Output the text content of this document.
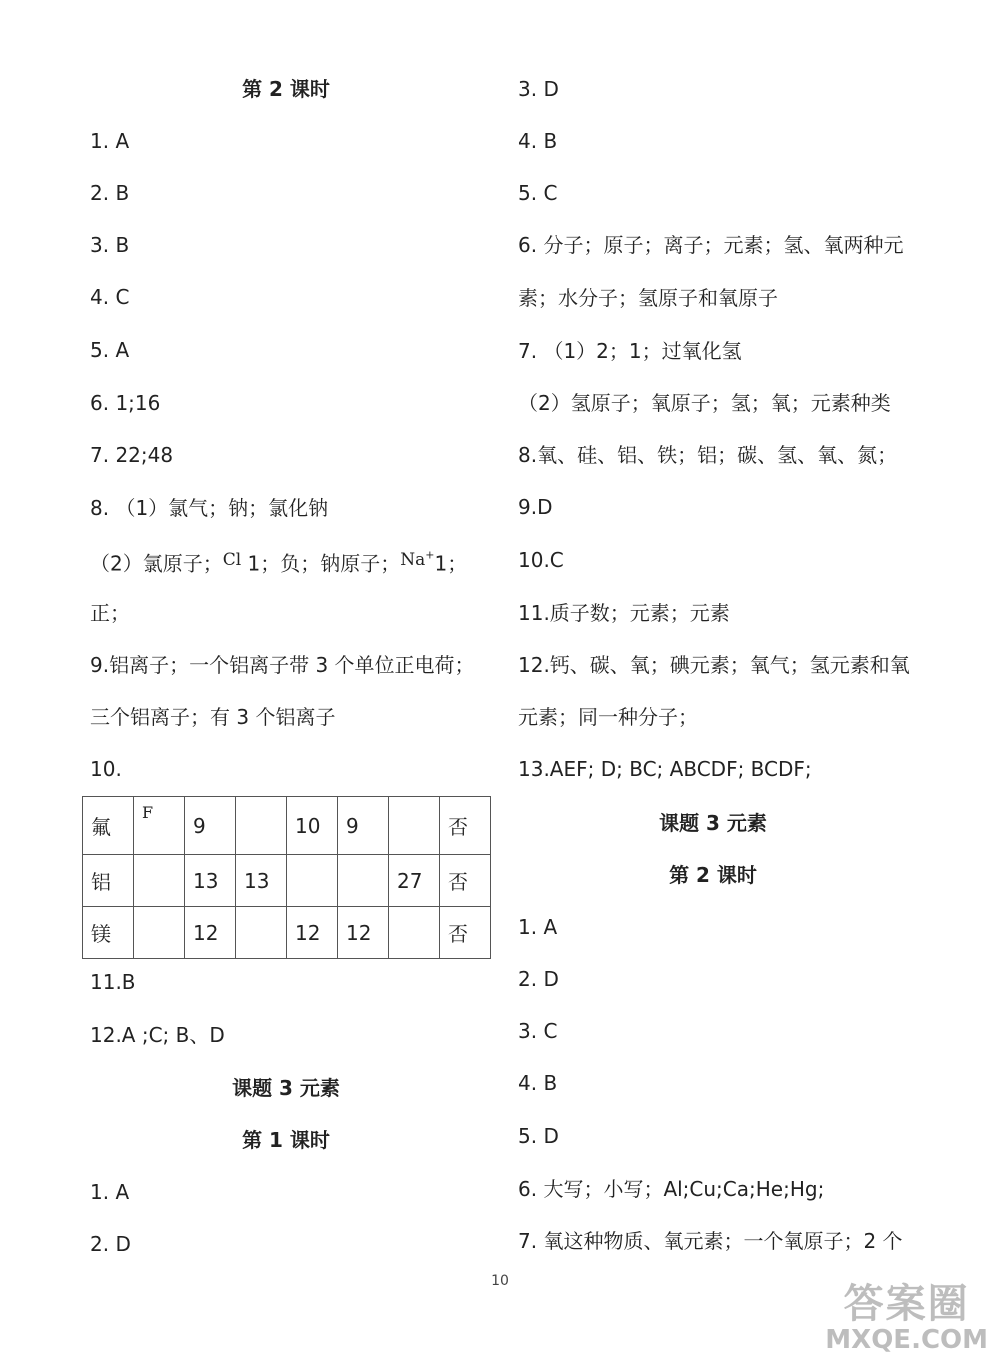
第 2 课时
1. A
2. B
3. B
4. C
5. A
6. 1;16
7. 22;48
8. （1）氯气；钠；氯化钠
（2）氯原子；$^{Cl}$ 1；负；钠原子；$^{Na^+}$1；
正；
9.铝离子；一个铝离子带 3 个单位正电荷；
三个铝离子；有 3 个铝离子
10.
11.B
12.A ;C; B、D
课题 3 元素
第 1 课时
1. A
2. D
氟	F	9		10	9		否
铝		13	13			27	否
镁		12		12	12		否
3. D
4. B
5. C
6. 分子；原子；离子；元素；氢、氧两种元
素；水分子；氢原子和氧原子
7. （1）2；1；过氧化氢
（2）氢原子；氧原子；氢；氧；元素种类
8.氧、硅、铝、铁；铝；碳、氢、氧、氮；
9.D
10.C
11.质子数；元素；元素
12.钙、碳、氧；碘元素；氧气；氢元素和氧
元素；同一种分子；
13.AEF; D; BC; ABCDF; BCDF;
课题 3 元素
第 2 课时
1. A
2. D
3. C
4. B
5. D
6. 大写；小写；Al;Cu;Ca;He;Hg;
7. 氧这种物质、氧元素；一个氧原子；2 个
10	答案圈
MXQE.COM
